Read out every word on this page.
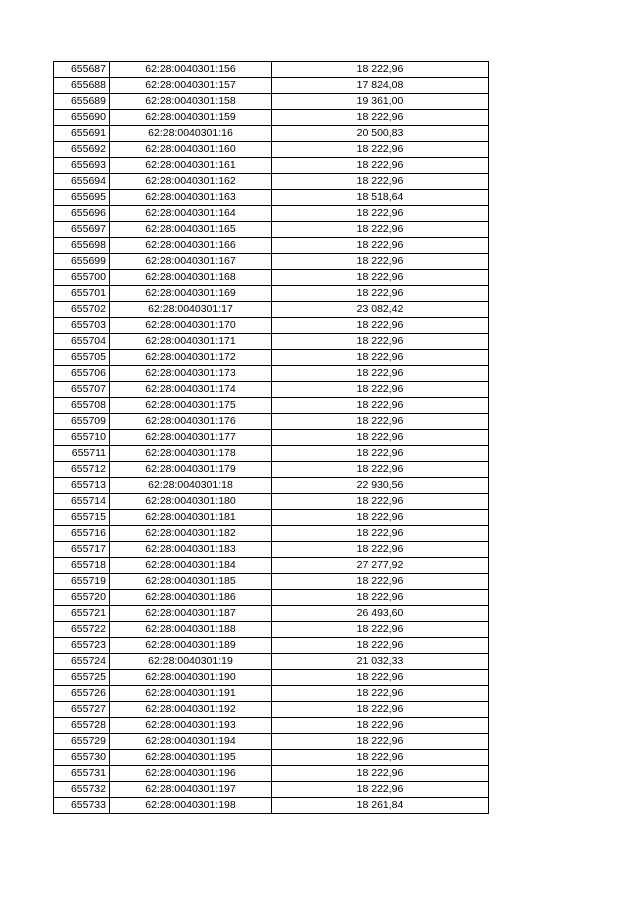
655687	62:28:0040301:156	18 222,96
655688	62:28:0040301:157	17 824,08
655689	62:28:0040301:158	19 361,00
655690	62:28:0040301:159	18 222,96
655691	62:28:0040301:16	20 500,83
655692	62:28:0040301:160	18 222,96
655693	62:28:0040301:161	18 222,96
655694	62:28:0040301:162	18 222,96
655695	62:28:0040301:163	18 518,64
655696	62:28:0040301:164	18 222,96
655697	62:28:0040301:165	18 222,96
655698	62:28:0040301:166	18 222,96
655699	62:28:0040301:167	18 222,96
655700	62:28:0040301:168	18 222,96
655701	62:28:0040301:169	18 222,96
655702	62:28:0040301:17	23 082,42
655703	62:28:0040301:170	18 222,96
655704	62:28:0040301:171	18 222,96
655705	62:28:0040301:172	18 222,96
655706	62:28:0040301:173	18 222,96
655707	62:28:0040301:174	18 222,96
655708	62:28:0040301:175	18 222,96
655709	62:28:0040301:176	18 222,96
655710	62:28:0040301:177	18 222,96
655711	62:28:0040301:178	18 222,96
655712	62:28:0040301:179	18 222,96
655713	62:28:0040301:18	22 930,56
655714	62:28:0040301:180	18 222,96
655715	62:28:0040301:181	18 222,96
655716	62:28:0040301:182	18 222,96
655717	62:28:0040301:183	18 222,96
655718	62:28:0040301:184	27 277,92
655719	62:28:0040301:185	18 222,96
655720	62:28:0040301:186	18 222,96
655721	62:28:0040301:187	26 493,60
655722	62:28:0040301:188	18 222,96
655723	62:28:0040301:189	18 222,96
655724	62:28:0040301:19	21 032,33
655725	62:28:0040301:190	18 222,96
655726	62:28:0040301:191	18 222,96
655727	62:28:0040301:192	18 222,96
655728	62:28:0040301:193	18 222,96
655729	62:28:0040301:194	18 222,96
655730	62:28:0040301:195	18 222,96
655731	62:28:0040301:196	18 222,96
655732	62:28:0040301:197	18 222,96
655733	62:28:0040301:198	18 261,84
